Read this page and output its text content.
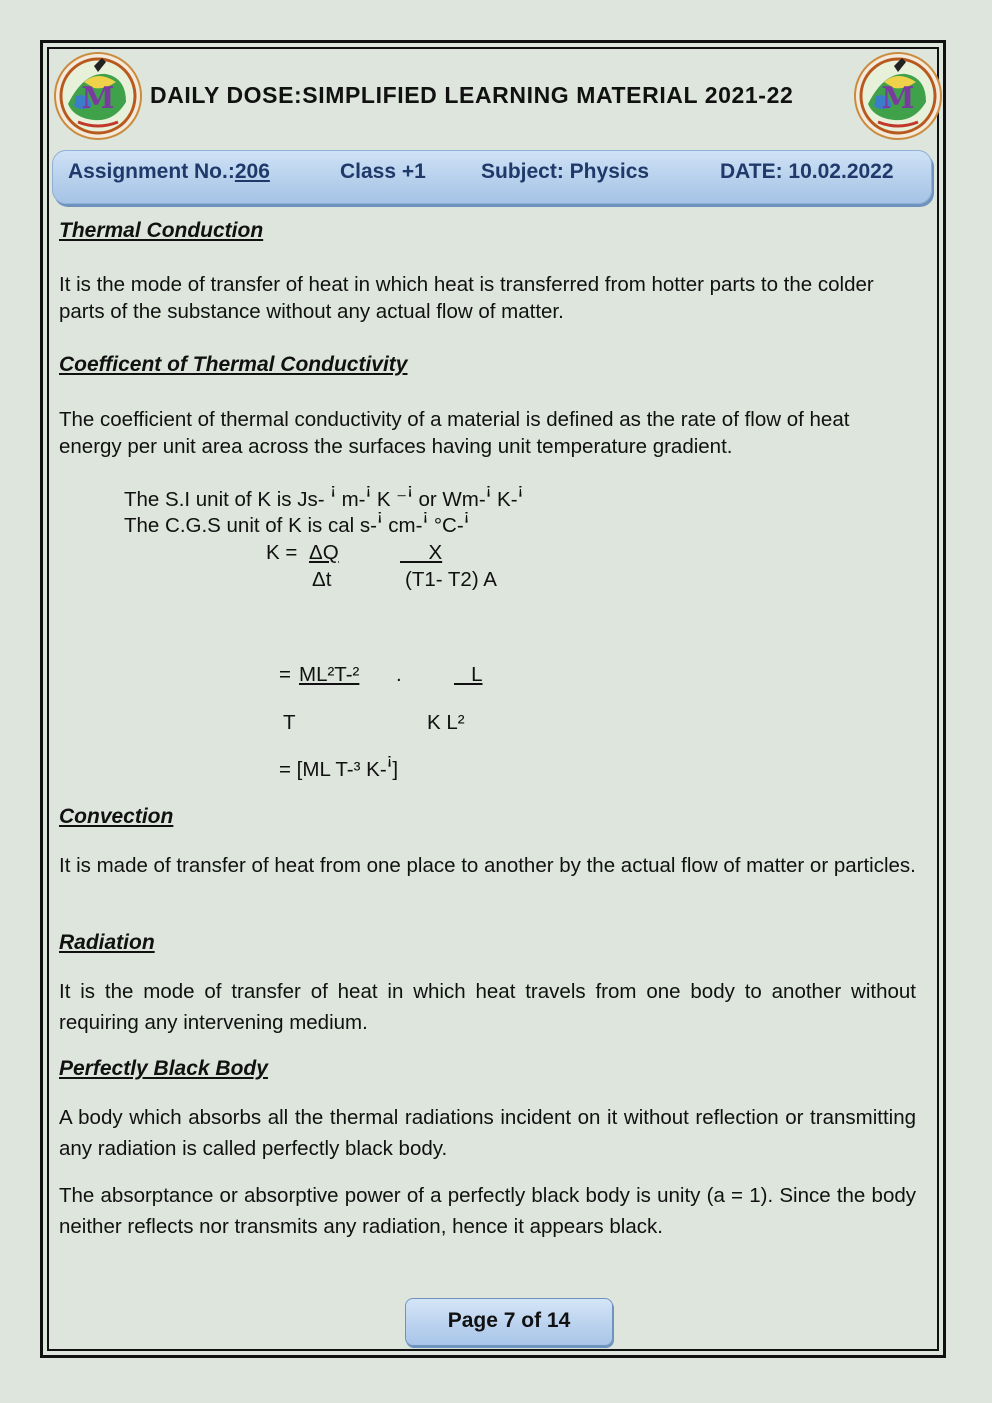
M	M
DAILY DOSE:SIMPLIFIED LEARNING MATERIAL 2021-22
Assignment No.:206	Class +1	Subject: Physics	DATE: 10.02.2022
Thermal Conduction
It is the mode of transfer of heat in which heat is transferred from hotter parts to the colder parts of the substance without any actual flow of matter.
Coefficent of Thermal Conductivity
The coefficient of thermal conductivity of a material is defined as the rate of flow of heat energy per unit area across the surfaces having unit temperature gradient.
The S.I unit of K is Js- ꜞ m-ꜞ K ⁻ꜞ or Wm-ꜞ K-ꜞ
The C.G.S unit of K is cal s-ꜞ cm-ꜞ °C-ꜞ
K = ΔQ	X
Δt	(T1- T2) A
= ML²T-²	.	L
T	K L²
= [ML T-³ K-ꜞ]
Convection
It is made of transfer of heat from one place to another by the actual flow of matter or particles.
Radiation
It is the mode of transfer of heat in which heat travels from one body to another without requiring any intervening medium.
Perfectly Black Body
A body which absorbs all the thermal radiations incident on it without reflection or transmitting any radiation is called perfectly black body.
The absorptance or absorptive power of a perfectly black body is unity (a = 1). Since the body neither reflects nor transmits any radiation, hence it appears black.
Page 7 of 14
